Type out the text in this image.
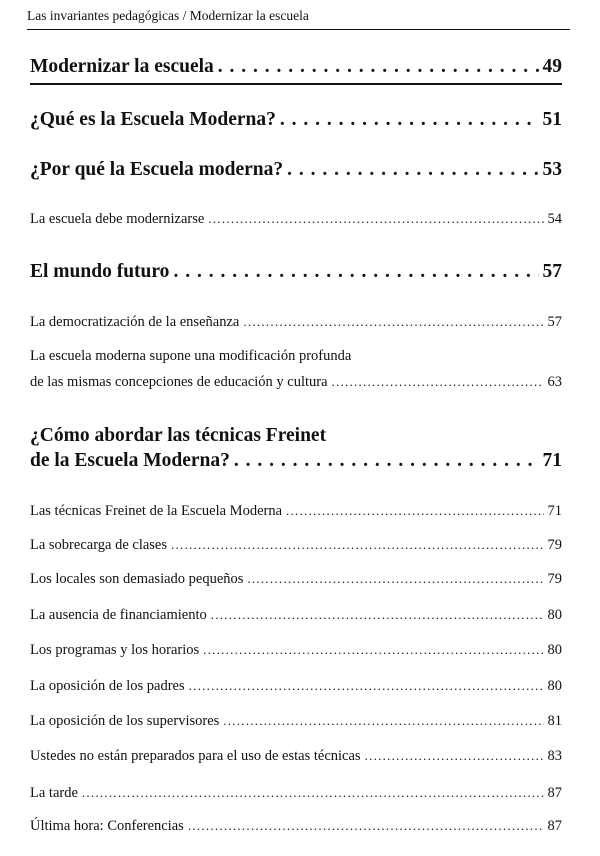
Las invariantes pedagógicas / Modernizar la escuela
Modernizar la escuela . . .	49
¿Qué es la Escuela Moderna? . . .	51
¿Por qué la Escuela moderna? . . .	53
La escuela debe modernizarse . . .	54
El mundo futuro . . .	57
La democratización de la enseñanza . . .	57
La escuela moderna supone una modificación profunda
de las mismas concepciones de educación y cultura . . .	63
¿Cómo abordar las técnicas Freinet
de la Escuela Moderna? . . .	71
Las técnicas Freinet de la Escuela Moderna . . .	71
La sobrecarga de clases . . .	79
Los locales son demasiado pequeños . . .	79
La ausencia de financiamiento . . .	80
Los programas y los horarios . . .	80
La oposición de los padres . . .	80
La oposición de los supervisores . . .	81
Ustedes no están preparados para el uso de estas técnicas . . .	83
La tarde . . .	87
Última hora: Conferencias . . .	87
